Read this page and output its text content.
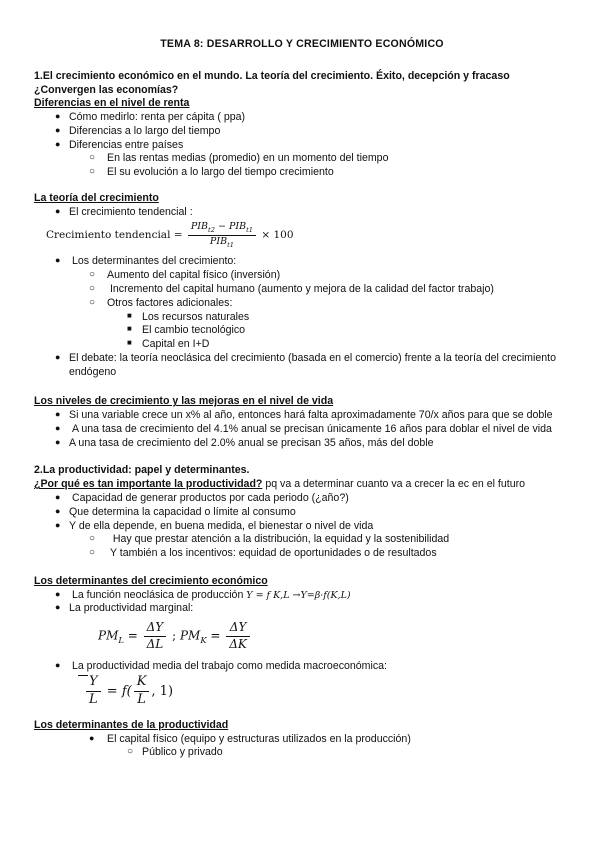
TEMA 8: DESARROLLO Y CRECIMIENTO ECONÓMICO
1.El crecimiento económico en el mundo. La teoría del crecimiento. Éxito, decepción y fracaso ¿Convergen las economías?
Diferencias en el nivel de renta
● Cómo medirlo: renta per cápita ( ppa)
● Diferencias a lo largo del tiempo
● Diferencias entre países
○ En las rentas medias (promedio) en un momento del tiempo
○ El su evolución a lo largo del tiempo crecimiento
La teoría del crecimiento
● El crecimiento tendencial :
Crecimiento tendencial = $\frac{PIB_{t2} - PIB_{t1}}{PIB_{t1}} \times 100$
● Los determinantes del crecimiento:
○ Aumento del capital físico (inversión)
○ Incremento del capital humano (aumento y mejora de la calidad del factor trabajo)
○ Otros factores adicionales:
■ Los recursos naturales
■ El cambio tecnológico
■ Capital en I+D
● El debate: la teoría neoclásica del crecimiento (basada en el comercio) frente a la teoría del crecimiento endógeno
Los niveles de crecimiento y las mejoras en el nivel de vida
● Si una variable crece un x% al año, entonces hará falta aproximadamente 70/x años para que se doble
● A una tasa de crecimiento del 4.1% anual se precisan únicamente 16 años para doblar el nivel de vida
● A una tasa de crecimiento del 2.0% anual se precisan 35 años, más del doble
2.La productividad: papel y determinantes.
¿Por qué es tan importante la productividad? pq va a determinar cuanto va a crecer la ec en el futuro
● Capacidad de generar productos por cada periodo (¿año?)
● Que determina la capacidad o límite al consumo
● Y de ella depende, en buena medida, el bienestar o nivel de vida
○ Hay que prestar atención a la distribución, la equidad y la sostenibilidad
○ Y también a los incentivos: equidad de oportunidades o de resultados
Los determinantes del crecimiento económico
● La función neoclásica de producción Y = f K,L →Y=β·f(K,L)
● La productividad marginal:
$PM_L = \frac{\Delta Y}{\Delta L}$ ; $PM_K = \frac{\Delta Y}{\Delta K}$
● La productividad media del trabajo como medida macroeconómica:
$\frac{Y}{L} = f( \frac{K}{L}$ , 1)
Los determinantes de la productividad
● El capital físico (equipo y estructuras utilizados en la producción)
○ Público y privado
